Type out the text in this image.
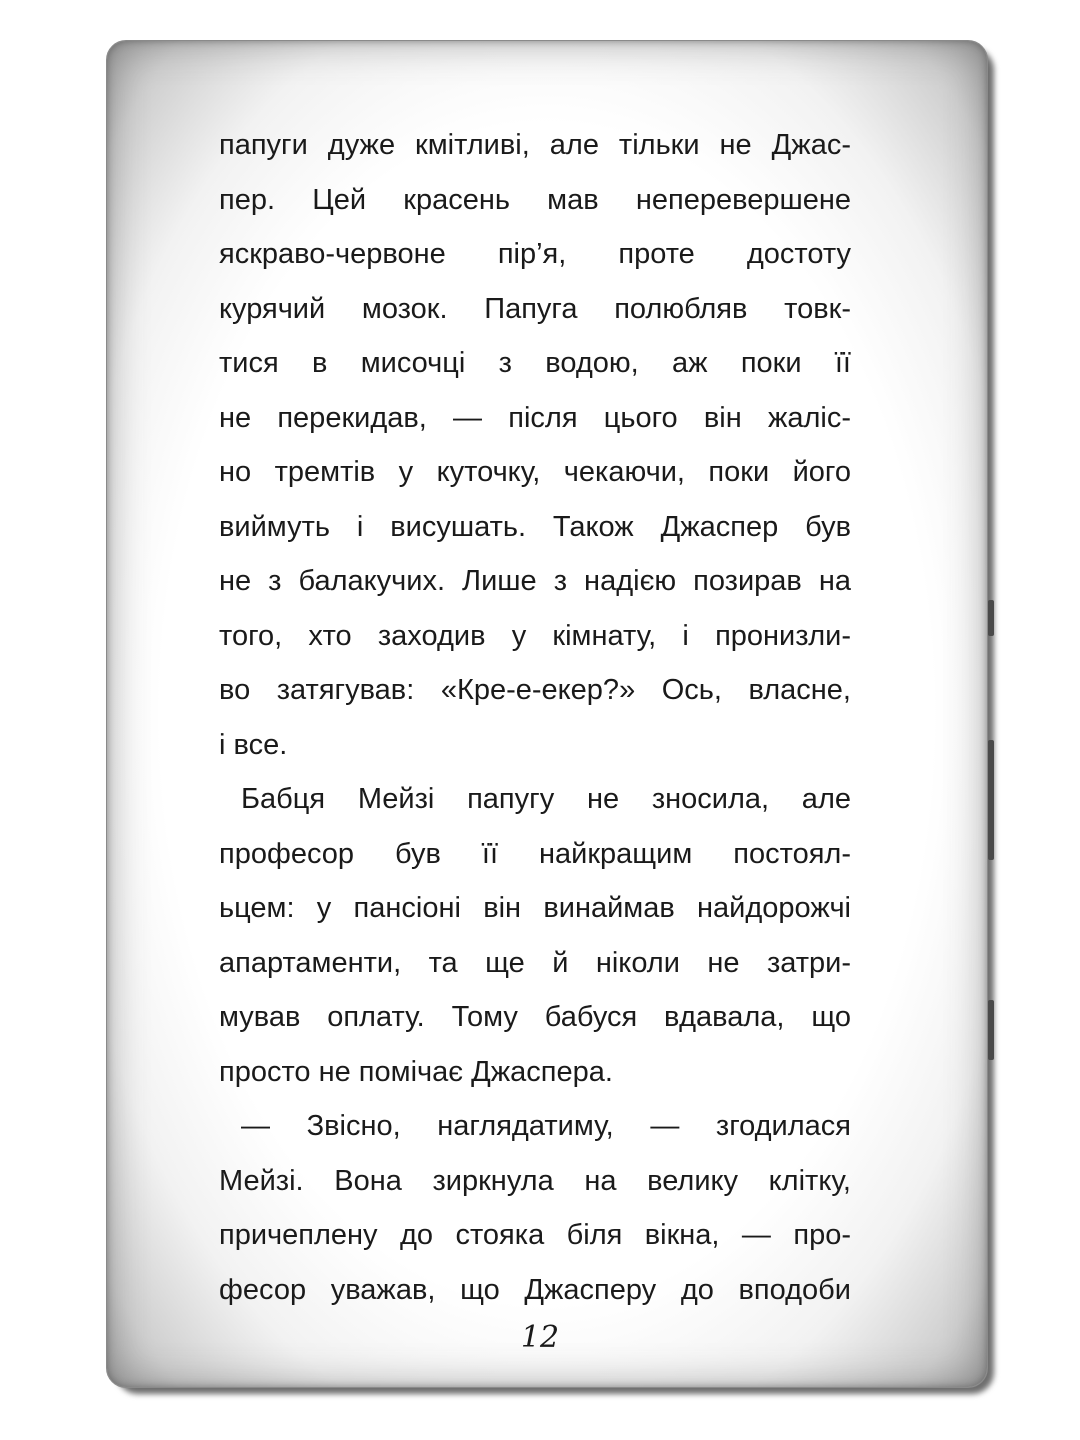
папуги дуже кмітливі, але тільки не Джас-
пер. Цей красень мав неперевершене
яскраво-червоне пір’я, проте достоту
курячий мозок. Папуга полюбляв товк-
тися в мисочці з водою, аж поки її
не перекидав, — після цього він жаліс-
но тремтів у куточку, чекаючи, поки його
виймуть і висушать. Також Джаспер був
не з балакучих. Лише з надією позирав на
того, хто заходив у кімнату, і пронизли-
во затягував: «Кре-е-екер?» Ось, власне,
і все.

Бабця Мейзі папугу не зносила, але
професор був її найкращим постоял-
ьцем: у пансіоні він винаймав найдорожчі
апартаменти, та ще й ніколи не затри-
мував оплату. Тому бабуся вдавала, що
просто не помічає Джаспера.

— Звісно, наглядатиму, — згодилася
Мейзі. Вона зиркнула на велику клітку,
причеплену до стояка біля вікна, — про-
фесор уважав, що Джасперу до вподоби

12
